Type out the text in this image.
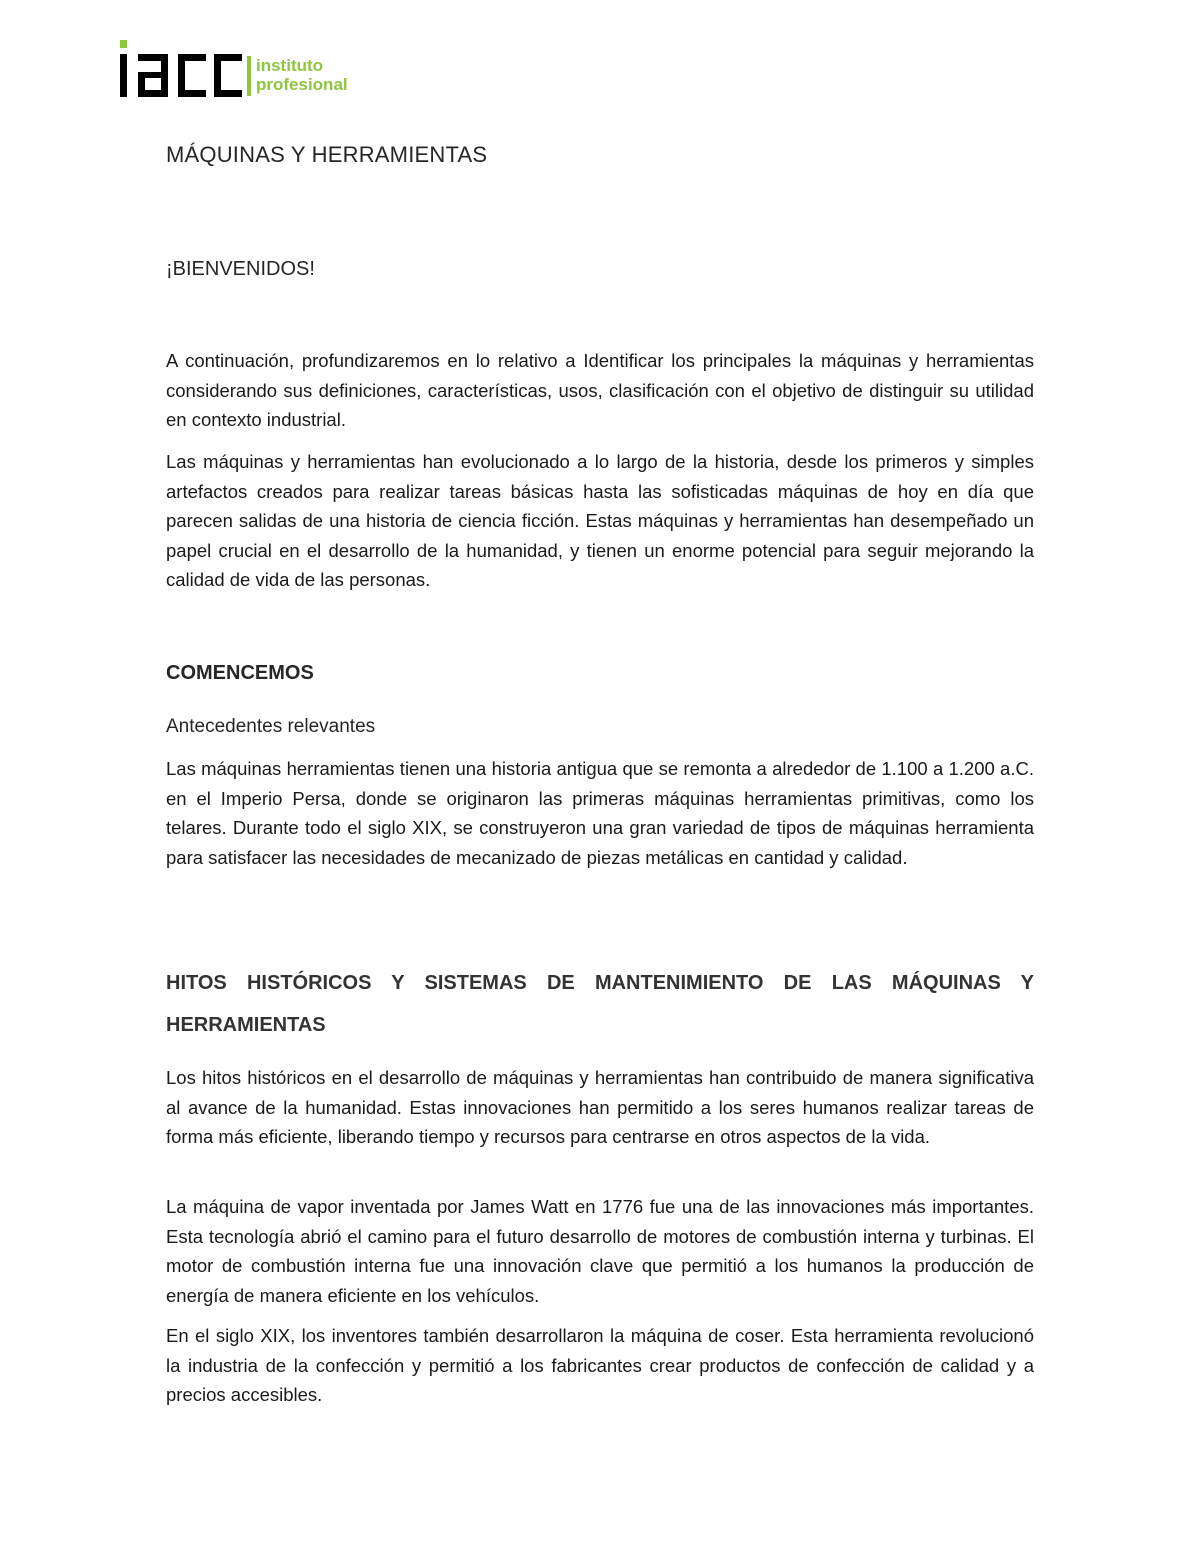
instituto
profesional
MÁQUINAS Y HERRAMIENTAS
¡BIENVENIDOS!

A continuación, profundizaremos en lo relativo a Identificar los principales la máquinas y herramientas considerando sus definiciones, características, usos, clasificación con el objetivo de distinguir su utilidad en contexto industrial.

Las máquinas y herramientas han evolucionado a lo largo de la historia, desde los primeros y simples artefactos creados para realizar tareas básicas hasta las sofisticadas máquinas de hoy en día que parecen salidas de una historia de ciencia ficción. Estas máquinas y herramientas han desempeñado un papel crucial en el desarrollo de la humanidad, y tienen un enorme potencial para seguir mejorando la calidad de vida de las personas.

COMENCEMOS
Antecedentes relevantes

Las máquinas herramientas tienen una historia antigua que se remonta a alrededor de 1.100 a 1.200 a.C. en el Imperio Persa, donde se originaron las primeras máquinas herramientas primitivas, como los telares. Durante todo el siglo XIX, se construyeron una gran variedad de tipos de máquinas herramienta para satisfacer las necesidades de mecanizado de piezas metálicas en cantidad y calidad.

HITOS HISTÓRICOS Y SISTEMAS DE MANTENIMIENTO DE LAS MÁQUINAS Y HERRAMIENTAS

Los hitos históricos en el desarrollo de máquinas y herramientas han contribuido de manera significativa al avance de la humanidad. Estas innovaciones han permitido a los seres humanos realizar tareas de forma más eficiente, liberando tiempo y recursos para centrarse en otros aspectos de la vida.

La máquina de vapor inventada por James Watt en 1776 fue una de las innovaciones más importantes. Esta tecnología abrió el camino para el futuro desarrollo de motores de combustión interna y turbinas. El motor de combustión interna fue una innovación clave que permitió a los humanos la producción de energía de manera eficiente en los vehículos.

En el siglo XIX, los inventores también desarrollaron la máquina de coser. Esta herramienta revolucionó la industria de la confección y permitió a los fabricantes crear productos de confección de calidad y a precios accesibles.
